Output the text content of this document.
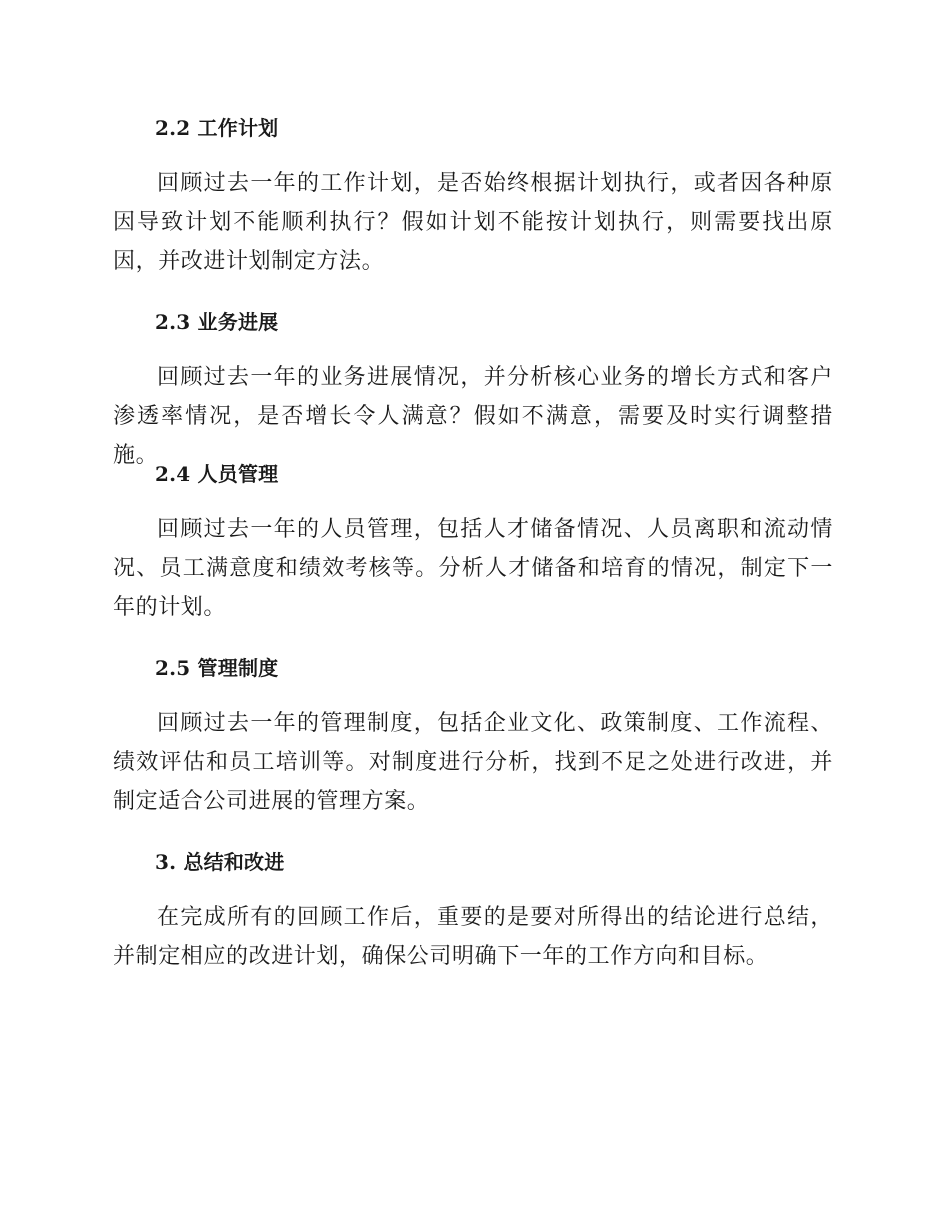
2.2 工作计划

回顾过去一年的工作计划，是否始终根据计划执行，或者因各种原因导致计划不能顺利执行？假如计划不能按计划执行，则需要找出原因，并改进计划制定方法。

2.3 业务进展

回顾过去一年的业务进展情况，并分析核心业务的增长方式和客户渗透率情况，是否增长令人满意？假如不满意，需要及时实行调整措施。

2.4 人员管理

回顾过去一年的人员管理，包括人才储备情况、人员离职和流动情况、员工满意度和绩效考核等。分析人才储备和培育的情况，制定下一年的计划。

2.5 管理制度

回顾过去一年的管理制度，包括企业文化、政策制度、工作流程、绩效评估和员工培训等。对制度进行分析，找到不足之处进行改进，并制定适合公司进展的管理方案。

3. 总结和改进

在完成所有的回顾工作后，重要的是要对所得出的结论进行总结，并制定相应的改进计划，确保公司明确下一年的工作方向和目标。
